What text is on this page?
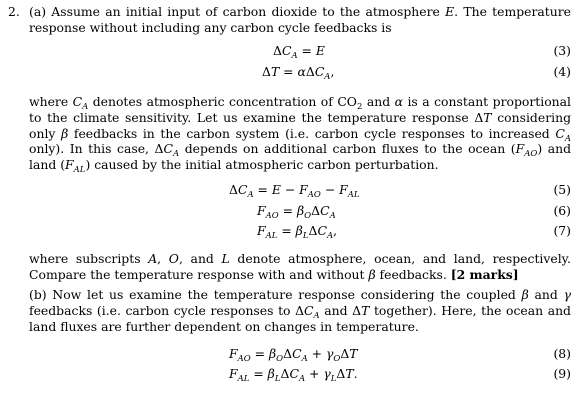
2. (a) Assume an initial input of carbon dioxide to the atmosphere E. The temperature response without including any carbon cycle feedbacks is
$\Delta C_A = E$	(3)
ΔT = αΔC$_A$,	(4)
where $C_A$ denotes atmospheric concentration of $CO_2$ and α is a constant proportional to the climate sensitivity. Let us examine the temperature response ΔT considering only β feedbacks in the carbon system (i.e. carbon cycle responses to increased $C_A$ only). In this case, $\Delta C_A$ depends on additional carbon fluxes to the ocean $(F_{AO})$ and land $(F_{AL})$ caused by the initial atmospheric carbon perturbation.
$\Delta C_A = E - F_{AO} - F_{AL}$	(5)
$F_{AO} = \beta_O\Delta C_A$	(6)
$F_{AL} = \beta_L\Delta C_A$,	(7)
where subscripts A, O, and L denote atmosphere, ocean, and land, respectively. Compare the temperature response with and without β feedbacks. [2 marks]
(b) Now let us examine the temperature response considering the coupled β and γ feedbacks (i.e. carbon cycle responses to $\Delta C_A$ and ΔT together). Here, the ocean and land fluxes are further dependent on changes in temperature.
$F_{AO} = \beta_O\Delta C_A + \gamma_O\Delta T$	(8)
$F_{AL} = \beta_L\Delta C_A + \gamma_L\Delta T$.	(9)
